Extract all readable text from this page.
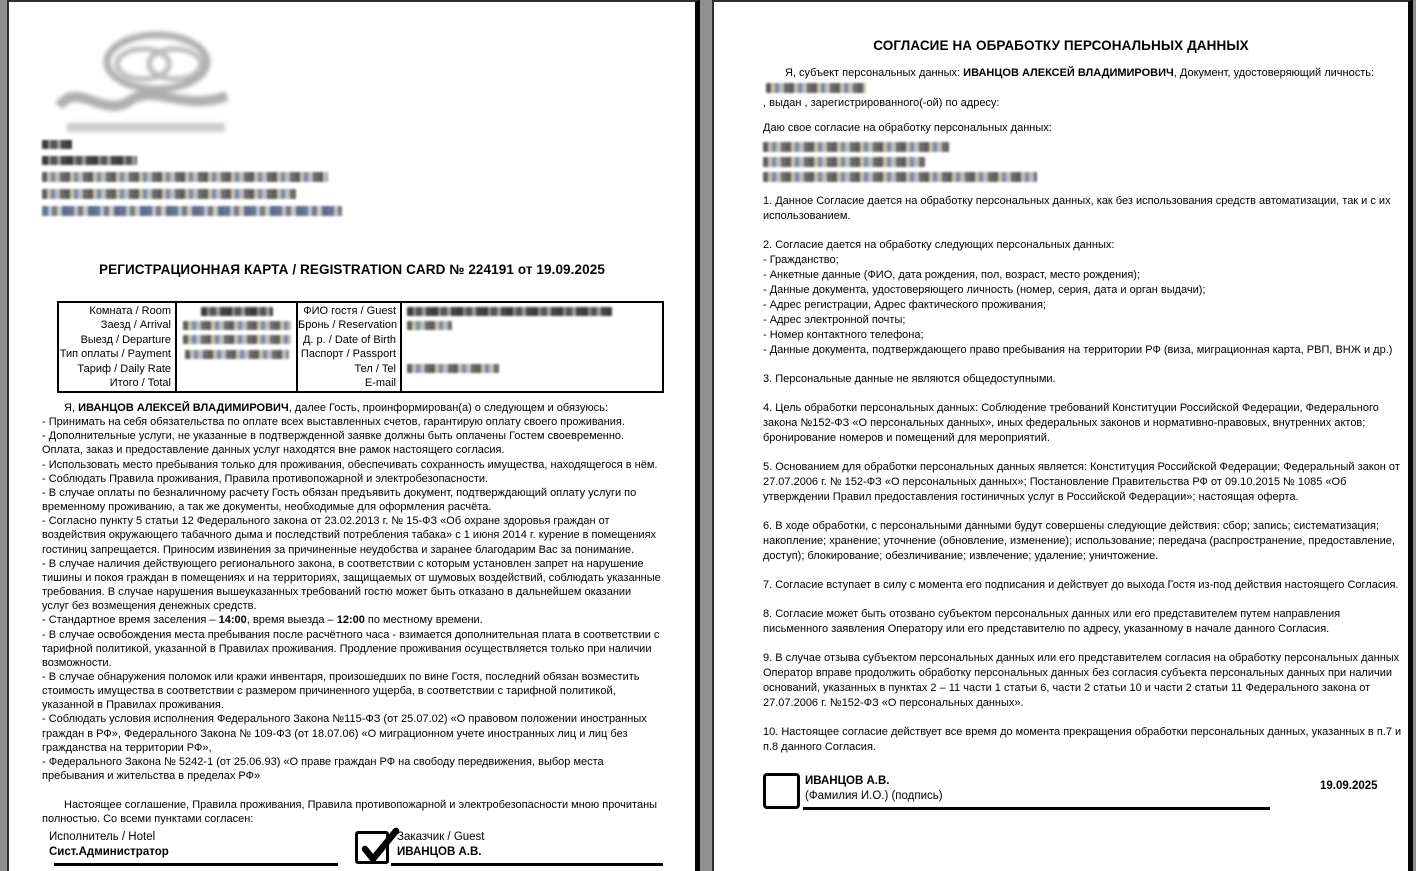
РЕГИСТРАЦИОННАЯ КАРТА / REGISTRATION CARD № 224191 от 19.09.2025
Комната / Room
Заезд / Arrival
Выезд / Departure
Тип оплаты / Payment
Тариф / Daily Rate
Итого / Total
ФИО гостя / Guest
Бронь / Reservation
Д. р. / Date of Birth
Паспорт / Passport
Тел / Tel
E-mail
Я, ИВАНЦОВ АЛЕКСЕЙ ВЛАДИМИРОВИЧ, далее Гость, проинформирован(а) о следующем и обязуюсь:
- Принимать на себя обязательства по оплате всех выставленных счетов, гарантирую оплату своего проживания.
- Дополнительные услуги, не указанные в подтвержденной заявке должны быть оплачены Гостем своевременно. Оплата, заказ и предоставление данных услуг находятся вне рамок настоящего согласия.
- Использовать место пребывания только для проживания, обеспечивать сохранность имущества, находящегося в нём.
- Соблюдать Правила проживания, Правила противопожарной и электробезопасности.
- В случае оплаты по безналичному расчету Гость обязан предъявить документ, подтверждающий оплату услуги по временному проживанию, а так же документы, необходимые для оформления расчёта.
- Согласно пункту 5 статьи 12 Федерального закона от 23.02.2013 г. № 15-ФЗ «Об охране здоровья граждан от воздействия окружающего табачного дыма и последствий потребления табака» с 1 июня 2014 г. курение в помещениях гостиниц запрещается. Приносим извинения за причиненные неудобства и заранее благодарим Вас за понимание.
- В случае наличия действующего регионального закона, в соответствии с которым установлен запрет на нарушение тишины и покоя граждан в помещениях и на территориях, защищаемых от шумовых воздействий, соблюдать указанные требования. В случае нарушения вышеуказанных требований гостю может быть отказано в дальнейшем оказании услуг без возмещения денежных средств.
- Стандартное время заселения – 14:00, время выезда – 12:00 по местному времени.
- В случае освобождения места пребывания после расчётного часа - взимается дополнительная плата в соответствии с тарифной политикой, указанной в Правилах проживания. Продление проживания осуществляется только при наличии возможности.
- В случае обнаружения поломок или кражи инвентаря, произошедших по вине Гостя, последний обязан возместить стоимость имущества в соответствии с размером причиненного ущерба, в соответствии с тарифной политикой, указанной в Правилах проживания.
- Соблюдать условия исполнения Федерального Закона №115-ФЗ (от 25.07.02) «О правовом положении иностранных граждан в РФ», Федерального Закона № 109-ФЗ (от 18.07.06) «О миграционном учете иностранных лиц и лиц без гражданства на территории РФ»,
- Федерального Закона № 5242-1 (от 25.06.93) «О праве граждан РФ на свободу передвижения, выбор места пребывания и жительства в пределах РФ»
Настоящее соглашение, Правила проживания, Правила противопожарной и электробезопасности мною прочитаны полностью. Со всеми пунктами согласен:
Исполнитель / Hotel
Сист.Администратор
Заказчик / Guest
ИВАНЦОВ А.В.
СОГЛАСИЕ НА ОБРАБОТКУ ПЕРСОНАЛЬНЫХ ДАННЫХ
Я, субъект персональных данных: ИВАНЦОВ АЛЕКСЕЙ ВЛАДИМИРОВИЧ, Документ, удостоверяющий личность:
, выдан , зарегистрированного(-ой) по адресу:
Даю свое согласие на обработку персональных данных:
1. Данное Согласие дается на обработку персональных данных, как без использования средств автоматизации, так и с их использованием.
2. Согласие дается на обработку следующих персональных данных:
- Гражданство;
- Анкетные данные (ФИО, дата рождения, пол, возраст, место рождения);
- Данные документа, удостоверяющего личность (номер, серия, дата и орган выдачи);
- Адрес регистрации, Адрес фактического проживания;
- Адрес электронной почты;
- Номер контактного телефона;
- Данные документа, подтверждающего право пребывания на территории РФ (виза, миграционная карта, РВП, ВНЖ и др.)
3. Персональные данные не являются общедоступными.
4. Цель обработки персональных данных: Соблюдение требований Конституции Российской Федерации, Федерального закона №152-ФЗ «О персональных данных», иных федеральных законов и нормативно-правовых, внутренних актов; бронирование номеров и помещений для мероприятий.
5. Основанием для обработки персональных данных является: Конституция Российской Федерации; Федеральный закон от 27.07.2006 г. № 152-ФЗ «О персональных данных»; Постановление Правительства РФ от 09.10.2015 № 1085 «Об утверждении Правил предоставления гостиничных услуг в Российской Федерации»; настоящая оферта.
6. В ходе обработки, с персональными данными будут совершены следующие действия: сбор; запись; систематизация; накопление; хранение; уточнение (обновление, изменение); использование; передача (распространение, предоставление, доступ); блокирование; обезличивание; извлечение; удаление; уничтожение.
7. Согласие вступает в силу с момента его подписания и действует до выхода Гостя из-под действия настоящего Согласия.
8. Согласие может быть отозвано субъектом персональных данных или его представителем путем направления письменного заявления Оператору или его представителю по адресу, указанному в начале данного Согласия.
9. В случае отзыва субъектом персональных данных или его представителем согласия на обработку персональных данных Оператор вправе продолжить обработку персональных данных без согласия субъекта персональных данных при наличии оснований, указанных в пунктах 2 – 11 части 1 статьи 6, части 2 статьи 10 и части 2 статьи 11 Федерального закона от 27.07.2006 г. №152-ФЗ «О персональных данных».
10. Настоящее согласие действует все время до момента прекращения обработки персональных данных, указанных в п.7 и п.8 данного Согласия.
ИВАНЦОВ А.В.
(Фамилия И.О.) (подпись)
19.09.2025
